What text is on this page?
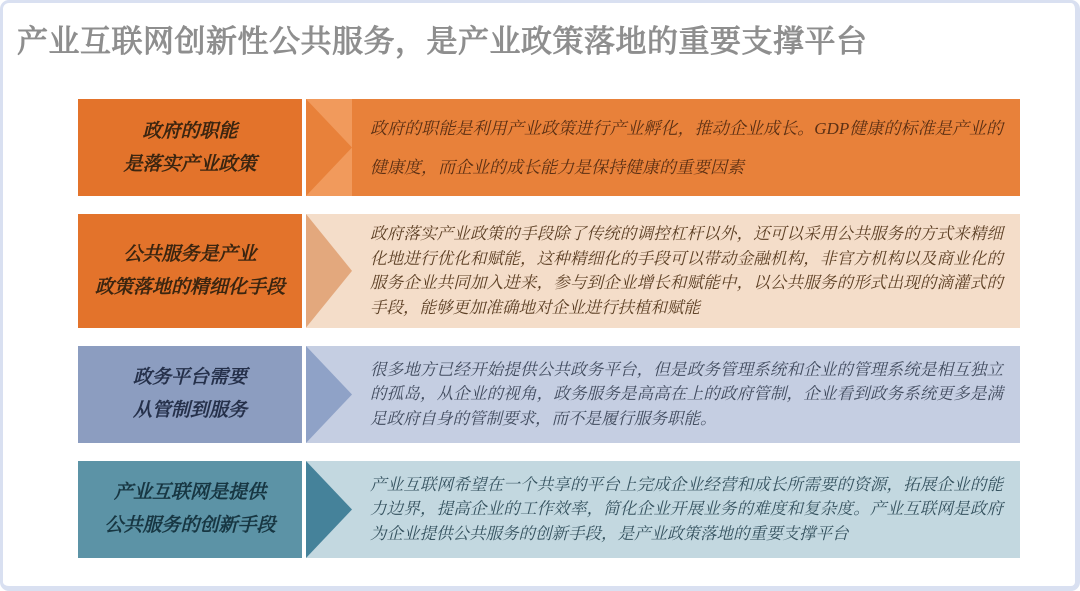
产业互联网创新性公共服务，是产业政策落地的重要支撑平台
政府的职能
是落实产业政策

政府的职能是利用产业政策进行产业孵化，推动企业成长。GDP健康的标准是产业的健康度，而企业的成长能力是保持健康的重要因素

公共服务是产业
政策落地的精细化手段

政府落实产业政策的手段除了传统的调控杠杆以外，还可以采用公共服务的方式来精细化地进行优化和赋能，这种精细化的手段可以带动金融机构，非官方机构以及商业化的服务企业共同加入进来，参与到企业增长和赋能中，以公共服务的形式出现的滴灌式的手段，能够更加准确地对企业进行扶植和赋能

政务平台需要
从管制到服务

很多地方已经开始提供公共政务平台，但是政务管理系统和企业的管理系统是相互独立的孤岛，从企业的视角，政务服务是高高在上的政府管制，企业看到政务系统更多是满足政府自身的管制要求，而不是履行服务职能。

产业互联网是提供
公共服务的创新手段

产业互联网希望在一个共享的平台上完成企业经营和成长所需要的资源，拓展企业的能力边界，提高企业的工作效率，简化企业开展业务的难度和复杂度。产业互联网是政府为企业提供公共服务的创新手段，是产业政策落地的重要支撑平台
